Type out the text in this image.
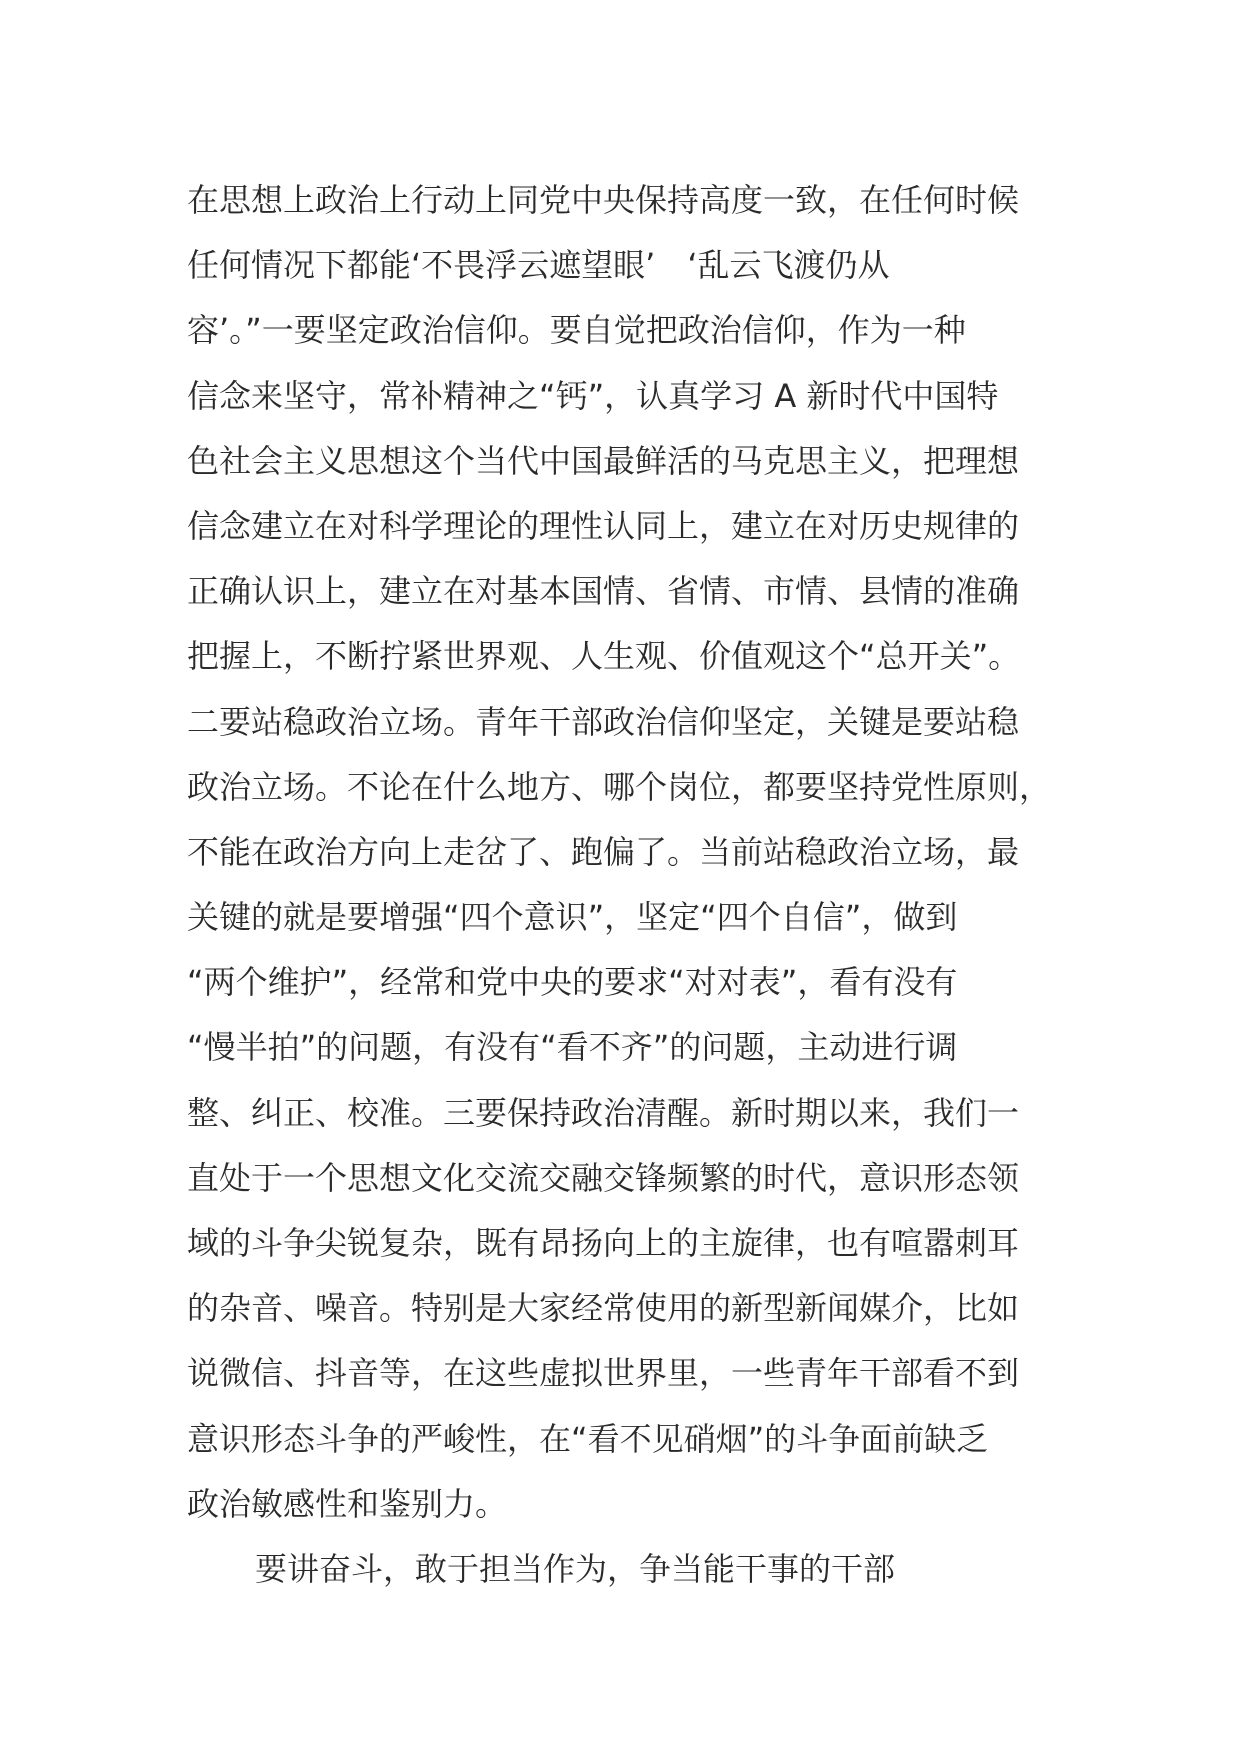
在思想上政治上行动上同党中央保持高度一致，在任何时候
任何情况下都能‘不畏浮云遮望眼’　‘乱云飞渡仍从
容’。”一要坚定政治信仰。要自觉把政治信仰，作为一种
信念来坚守，常补精神之“钙”，认真学习 A 新时代中国特
色社会主义思想这个当代中国最鲜活的马克思主义，把理想
信念建立在对科学理论的理性认同上，建立在对历史规律的
正确认识上，建立在对基本国情、省情、市情、县情的准确
把握上，不断拧紧世界观、人生观、价值观这个“总开关”。
二要站稳政治立场。青年干部政治信仰坚定，关键是要站稳
政治立场。不论在什么地方、哪个岗位，都要坚持党性原则，
不能在政治方向上走岔了、跑偏了。当前站稳政治立场，最
关键的就是要增强“四个意识”，坚定“四个自信”，做到
“两个维护”，经常和党中央的要求“对对表”，看有没有
“慢半拍”的问题，有没有“看不齐”的问题，主动进行调
整、纠正、校准。三要保持政治清醒。新时期以来，我们一
直处于一个思想文化交流交融交锋频繁的时代，意识形态领
域的斗争尖锐复杂，既有昂扬向上的主旋律，也有喧嚣刺耳
的杂音、噪音。特别是大家经常使用的新型新闻媒介，比如
说微信、抖音等，在这些虚拟世界里，一些青年干部看不到
意识形态斗争的严峻性，在“看不见硝烟”的斗争面前缺乏
政治敏感性和鉴别力。
要讲奋斗，敢于担当作为，争当能干事的干部
